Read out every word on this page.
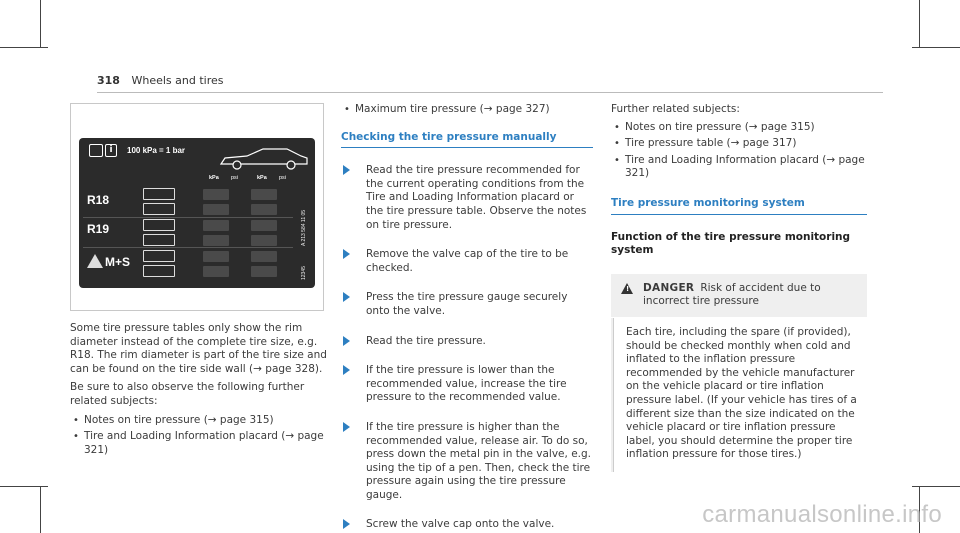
318 Wheels and tires
i	100 kPa = 1 bar
kPa psi	kPa psi
R18
R19
M+S
A 213 584 11 05
12345

Some tire pressure tables only show the rim diameter instead of the complete tire size, e.g. R18. The rim diameter is part of the tire size and can be found on the tire side wall (→ page 328).

Be sure to also observe the following further related subjects:

• Notes on tire pressure (→ page 315)
• Tire and Loading Information placard (→ page 321)
• Maximum tire pressure (→ page 327)
Checking the tire pressure manually
Read the tire pressure recommended for the current operating conditions from the Tire and Loading Information placard or the tire pressure table. Observe the notes on tire pressure.
Remove the valve cap of the tire to be checked.
Press the tire pressure gauge securely onto the valve.
Read the tire pressure.
If the tire pressure is lower than the recommended value, increase the tire pressure to the recommended value.
If the tire pressure is higher than the recommended value, release air. To do so, press down the metal pin in the valve, e.g. using the tip of a pen. Then, check the tire pressure again using the tire pressure gauge.
Screw the valve cap onto the valve.

Further related subjects:

• Notes on tire pressure (→ page 315)
• Tire pressure table (→ page 317)
• Tire and Loading Information placard (→ page 321)
Tire pressure monitoring system
Function of the tire pressure monitoring system
! DANGER Risk of accident due to incorrect tire pressure
Each tire, including the spare (if provided), should be checked monthly when cold and inflated to the inflation pressure recommended by the vehicle manufacturer on the vehicle placard or tire inflation pressure label. (If your vehicle has tires of a different size than the size indicated on the vehicle placard or tire inflation pressure label, you should determine the proper tire inflation pressure for those tires.)
carmanualsonline.info
